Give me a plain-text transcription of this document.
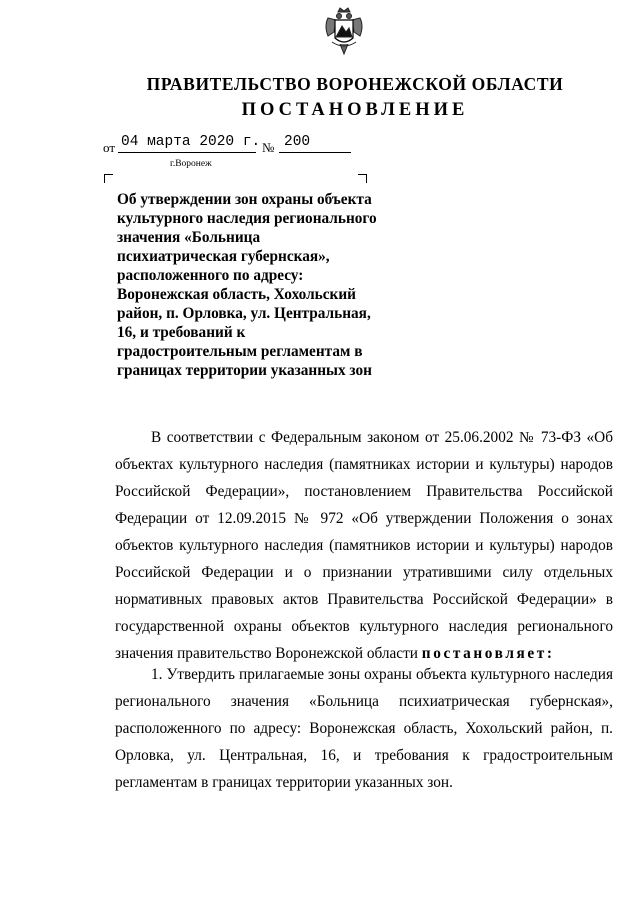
ПРАВИТЕЛЬСТВО ВОРОНЕЖСКОЙ ОБЛАСТИ
ПОСТАНОВЛЕНИЕ
от 04 марта 2020 г. № 200
г.Воронеж
Об утверждении зон охраны объекта
культурного наследия регионального
значения «Больница
психиатрическая губернская»,
расположенного по адресу:
Воронежская область, Хохольский
район, п. Орловка, ул. Центральная,
16, и требований к
градостроительным регламентам в
границах территории указанных зон
В соответствии с Федеральным законом от 25.06.2002 № 73-ФЗ «Об
объектах культурного наследия (памятниках истории и культуры) народов
Российской Федерации», постановлением Правительства Российской
Федерации от 12.09.2015 № 972 «Об утверждении Положения о зонах
объектов культурного наследия (памятников истории и культуры) народов
Российской Федерации и о признании утратившими силу отдельных
нормативных правовых актов Правительства Российской Федерации» в
государственной охраны объектов культурного наследия регионального
значения правительство Воронежской области постановляет:
1. Утвердить прилагаемые зоны охраны объекта культурного наследия
регионального значения «Больница психиатрическая губернская»,
расположенного по адресу: Воронежская область, Хохольский район, п.
Орловка, ул. Центральная, 16, и требования к градостроительным
регламентам в границах территории указанных зон.
